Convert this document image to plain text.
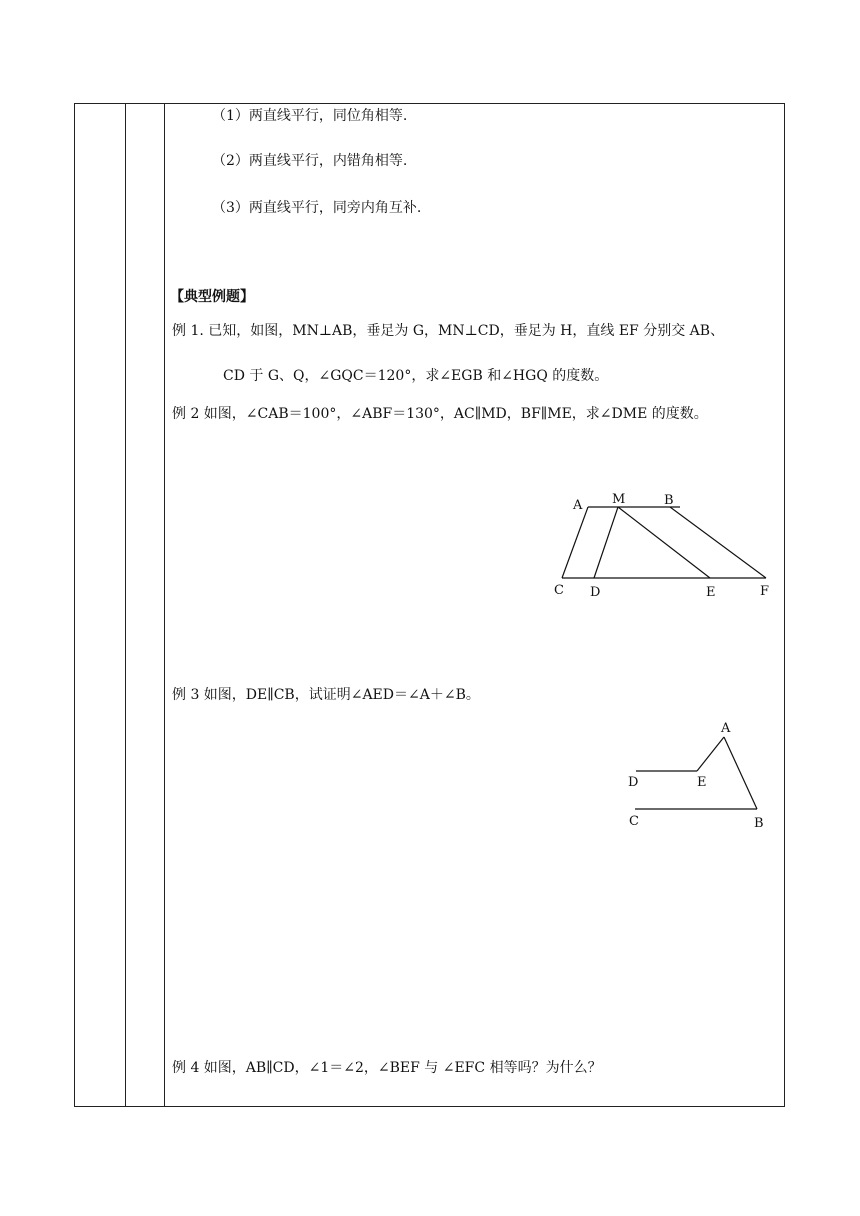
（1）两直线平行，同位角相等.
（2）两直线平行，内错角相等.
（3）两直线平行，同旁内角互补.
【典型例题】
例 1. 已知，如图，MN⊥AB，垂足为 G，MN⊥CD，垂足为 H，直线 EF 分别交 AB、
CD 于 G、Q，∠GQC＝120°，求∠EGB 和∠HGQ 的度数。
例 2 如图，∠CAB＝100°，∠ABF＝130°，AC∥MD，BF∥ME，求∠DME 的度数。
A M	B
C D	E	F
例 3 如图，DE∥CB，试证明∠AED＝∠A＋∠B。
A
D	E
C	B
例 4 如图，AB∥CD，∠1＝∠2，∠BEF 与 ∠EFC 相等吗？为什么？
